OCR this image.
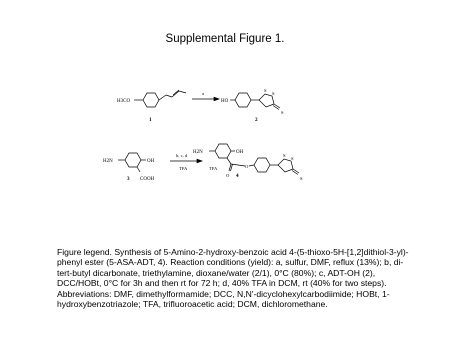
Supplemental Figure 1.
H3CO
a
HO
S
S
S
1	2
H2N	OH
COOH
3
b, c, d
TFA
H2N	OH
TFA	O
O 4
S
S
S

Figure legend. Synthesis of 5-Amino-2-hydroxy-benzoic acid 4-(5-thioxo-5H-[1,2]dithiol-3-yl)-phenyl ester (5-ASA-ADT, 4). Reaction conditions (yield): a, sulfur, DMF, reflux (13%); b, di-tert-butyl dicarbonate, triethylamine, dioxane/water (2/1), 0°C (80%); c, ADT-OH (2), DCC/HOBt, 0°C for 3h and then rt for 72 h; d, 40% TFA in DCM, rt (40% for two steps).

Abbreviations: DMF, dimethylformamide; DCC, N,N'-dicyclohexylcarbodiimide; HOBt, 1-hydroxybenzotriazole; TFA, trifluoroacetic acid; DCM, dichloromethane.
